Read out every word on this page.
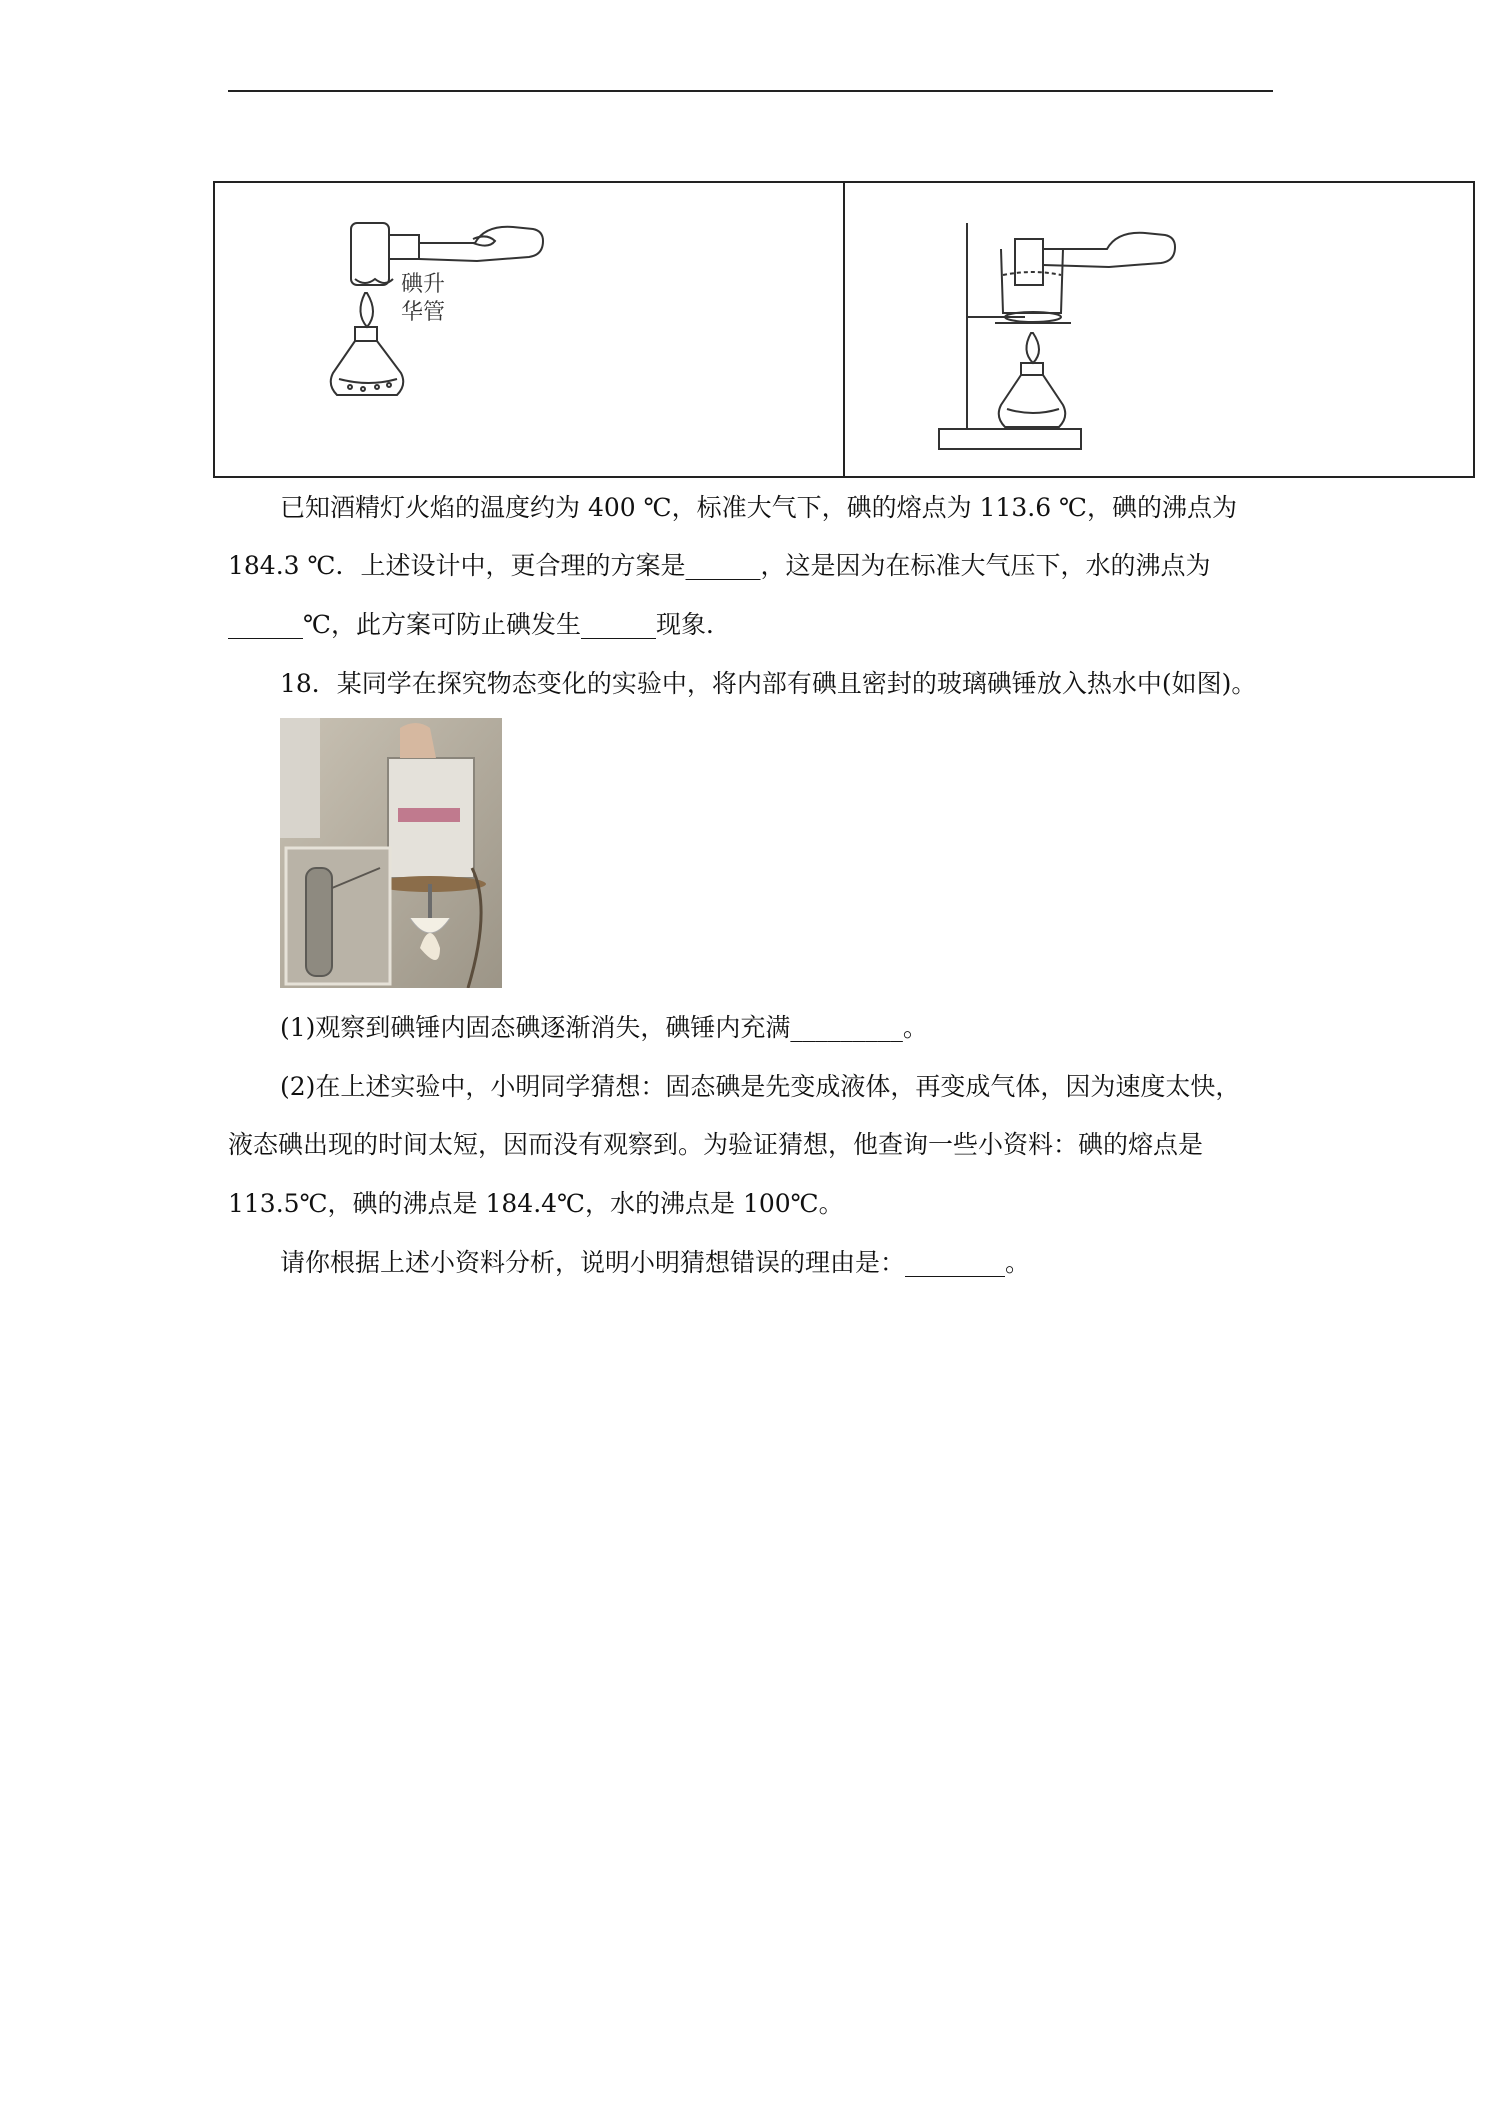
碘升
华管
已知酒精灯火焰的温度约为 400 ℃，标准大气下，碘的熔点为 113.6 ℃，碘的沸点为
184.3 ℃．上述设计中，更合理的方案是______，这是因为在标准大气压下，水的沸点为
______℃，此方案可防止碘发生______现象．
18．某同学在探究物态变化的实验中，将内部有碘且密封的玻璃碘锤放入热水中(如图)。
(1)观察到碘锤内固态碘逐渐消失，碘锤内充满_________。
(2)在上述实验中，小明同学猜想：固态碘是先变成液体，再变成气体，因为速度太快，
液态碘出现的时间太短，因而没有观察到。为验证猜想，他查询一些小资料：碘的熔点是
113.5℃，碘的沸点是 184.4℃，水的沸点是 100℃。
请你根据上述小资料分析，说明小明猜想错误的理由是：________。
